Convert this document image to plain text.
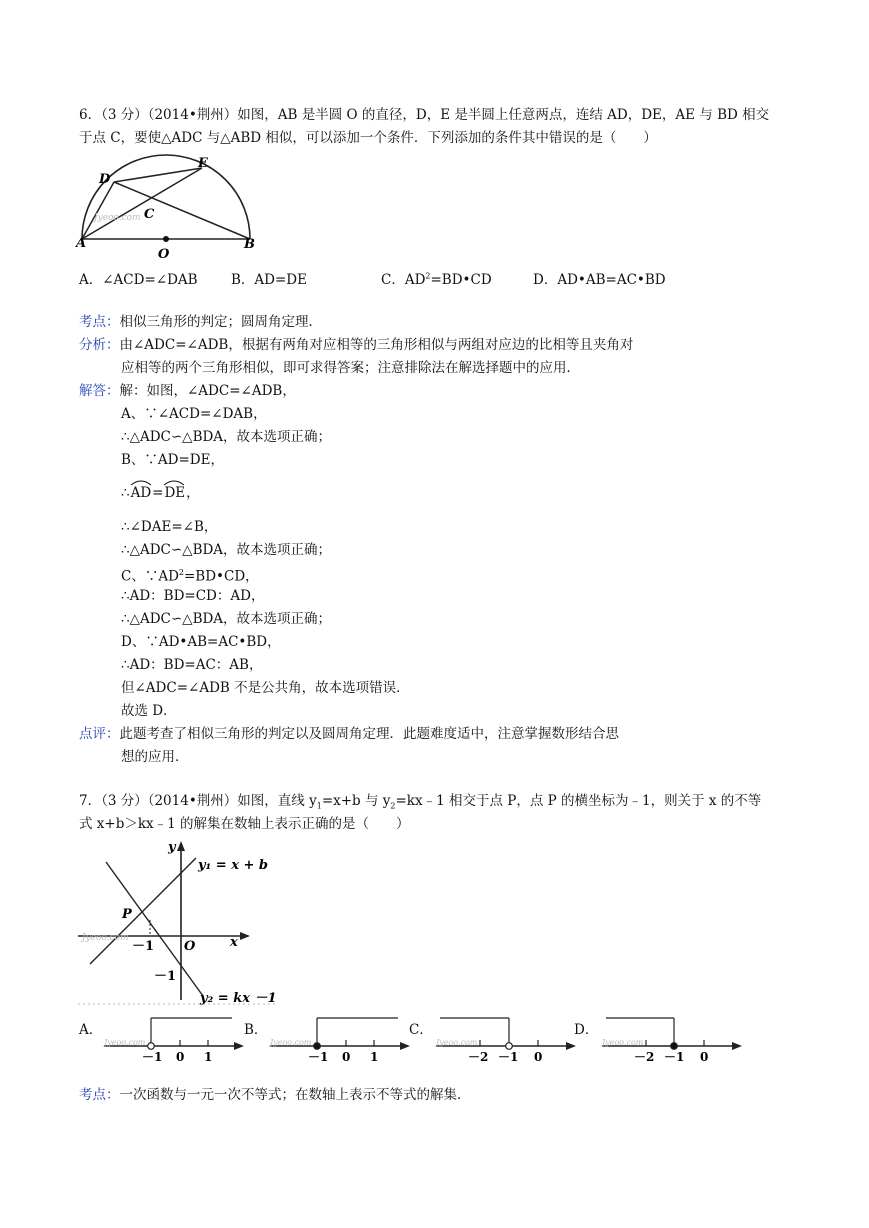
6．（3 分）（2014•荆州）如图，AB 是半圆 O 的直径，D，E 是半圆上任意两点，连结 AD，DE，AE 与 BD 相交
于点 C，要使△ADC 与△ABD 相似，可以添加一个条件．下列添加的条件其中错误的是（　　）
Jyeoo.com
E
D
C
A
O
B
A．∠ACD=∠DAB B．AD=DE	C．$AD^2=BD•CD$	D．AD•AB=AC•BD
考点：相似三角形的判定；圆周角定理．
分析：由∠ADC=∠ADB，根据有两角对应相等的三角形相似与两组对应边的比相等且夹角对
应相等的两个三角形相似，即可求得答案；注意排除法在解选择题中的应用．
解答：解：如图，∠ADC=∠ADB，
A、∵∠ACD=∠DAB，
∴△ADC∽△BDA，故本选项正确；
B、∵AD=DE，
∴
AD=
DE，
∴∠DAE=∠B，
∴△ADC∽△BDA，故本选项正确；
C、$\because AD^2=BD•CD$，
∴AD：BD=CD：AD，
∴△ADC∽△BDA，故本选项正确；
D、∵AD•AB=AC•BD，
∴AD：BD=AC：AB，
但∠ADC=∠ADB 不是公共角，故本选项错误．
故选 D．
点评：此题考查了相似三角形的判定以及圆周角定理．此题难度适中，注意掌握数形结合思
想的应用．
7．（3 分）（2014•荆州）如图，直线 $y_1=x+b$ 与 $y_2=kx﹣1$ 相交于点 P，点 P 的横坐标为﹣1，则关于 x 的不等
式 x+b＞kx﹣1 的解集在数轴上表示正确的是（　　）
Jyeoo.com
y
x
O
P
－1
－1
y₁ = x + b
y₂ = kx －1
A．
Jyeoo.com
－1 0 1
B．
Jyeoo.com
－1 0 1
C．
Jyeoo.com
－2 －1 0
D．
Jyeoo.com
－2 －1 0
考点：一次函数与一元一次不等式；在数轴上表示不等式的解集．
